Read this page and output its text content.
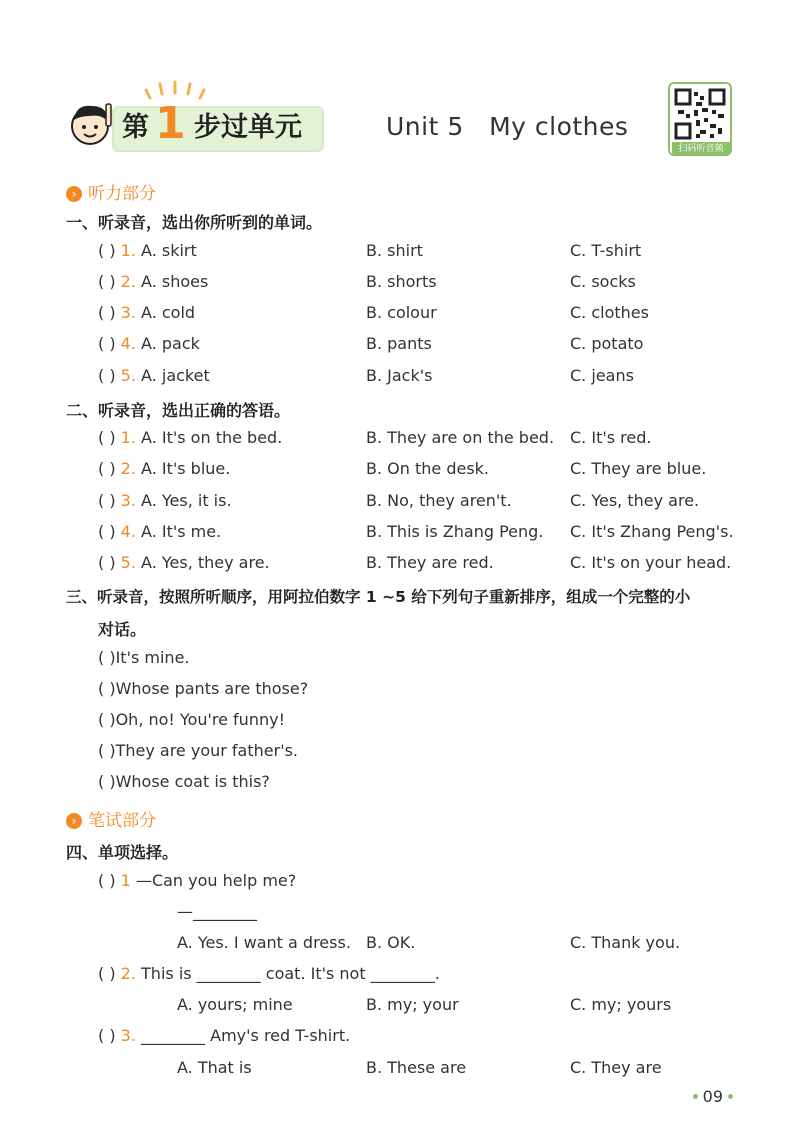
第 1 步过单元	Unit 5   My clothes
扫码听音频
› 听力部分
一、听录音，选出你所听到的单词。
( ) 1. A. skirt	B. shirt	C. T-shirt
( ) 2. A. shoes	B. shorts	C. socks
( ) 3. A. cold	B. colour	C. clothes
( ) 4. A. pack	B. pants	C. potato
( ) 5. A. jacket	B. Jack's	C. jeans
二、听录音，选出正确的答语。
( ) 1. A. It's on the bed.	B. They are on the bed. C. It's red.
( ) 2. A. It's blue.	B. On the desk.	C. They are blue.
( ) 3. A. Yes, it is.	B. No, they aren't.	C. Yes, they are.
( ) 4. A. It's me.	B. This is Zhang Peng. C. It's Zhang Peng's.
( ) 5. A. Yes, they are.	B. They are red.	C. It's on your head.
三、听录音，按照所听顺序，用阿拉伯数字 1 ~5 给下列句子重新排序，组成一个完整的小
对话。
( )It's mine.
( )Whose pants are those?
( )Oh, no! You're funny!
( )They are your father's.
( )Whose coat is this?
› 笔试部分
四、单项选择。
( ) 1 —Can you help me?
—________
A. Yes. I want a dress. B. OK.	C. Thank you.
( ) 2. This is ________ coat. It's not ________.
A. yours; mine	B. my; your	C. my; yours
( ) 3. ________ Amy's red T-shirt.
A. That is	B. These are	C. They are
09
